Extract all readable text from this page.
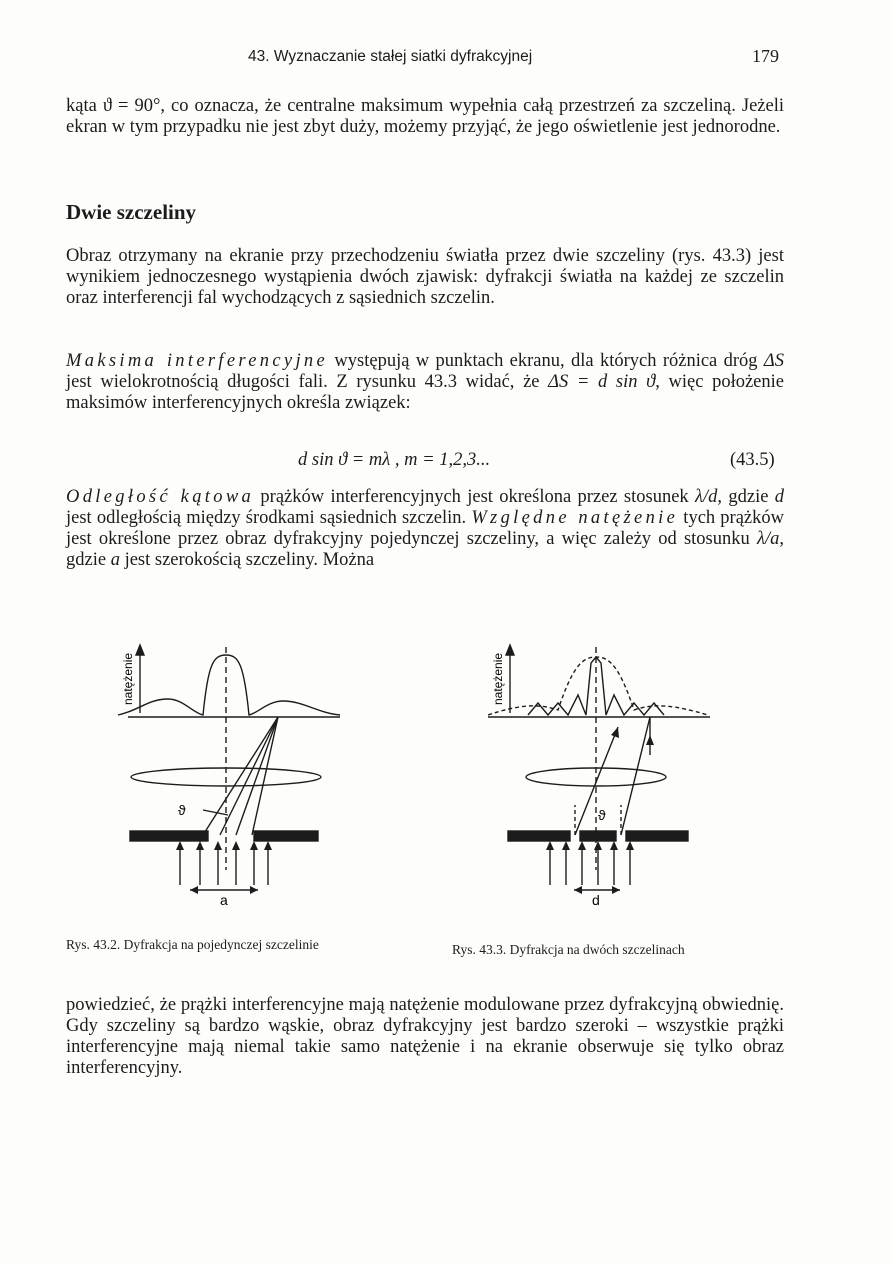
43. Wyznaczanie stałej siatki dyfrakcyjnej	179

kąta ϑ = 90°, co oznacza, że centralne maksimum wypełnia całą przestrzeń za szczeliną. Jeżeli ekran w tym przypadku nie jest zbyt duży, możemy przyjąć, że jego oświetlenie jest jednorodne.

Dwie szczeliny

Obraz otrzymany na ekranie przy przechodzeniu światła przez dwie szczeliny (rys. 43.3) jest wynikiem jednoczesnego wystąpienia dwóch zjawisk: dyfrakcji światła na każdej ze szczelin oraz interferencji fal wychodzących z sąsiednich szczelin.

Maksima interferencyjne występują w punktach ekranu, dla których różnica dróg ΔS jest wielokrotnością długości fali. Z rysunku 43.3 widać, że ΔS = d sin ϑ, więc położenie maksimów interferencyjnych określa związek:

d sin ϑ = mλ , m = 1,2,3...	(43.5)

Odległość kątowa prążków interferencyjnych jest określona przez stosunek λ/d, gdzie d jest odległością między środkami sąsiednich szczelin. Względne natężenie tych prążków jest określone przez obraz dyfrakcyjny pojedynczej szczeliny, a więc zależy od stosunku λ/a, gdzie a jest szerokością szczeliny. Można

natężenie
ϑ
a
natężenie
ϑ
d
Rys. 43.2. Dyfrakcja na pojedynczej szczelinie	Rys. 43.3. Dyfrakcja na dwóch szczelinach

powiedzieć, że prążki interferencyjne mają natężenie modulowane przez dyfrakcyjną obwiednię. Gdy szczeliny są bardzo wąskie, obraz dyfrakcyjny jest bardzo szeroki – wszystkie prążki interferencyjne mają niemal takie samo natężenie i na ekranie obserwuje się tylko obraz interferencyjny.
